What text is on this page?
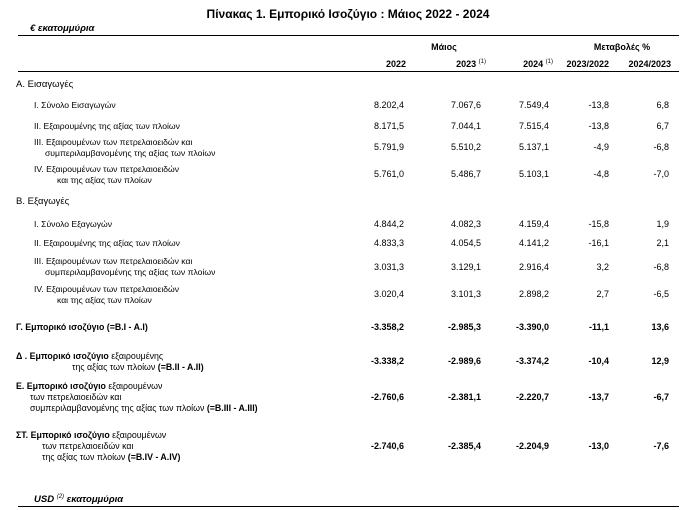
Πίνακας 1. Εμπορικό Ισοζύγιο : Μάιος 2022 - 2024
€ εκατομμύρια
Μάιος	Μεταβολές %
2022	2023 $^{(1)}$	2024 $^{(1)}$	2023/2022	2024/2023
Α. Εισαγωγές
I. Σύνολο Εισαγωγών	8.202,4	7.067,6	7.549,4	-13,8	6,8
II. Εξαιρουμένης της αξίας των πλοίων	8.171,5	7.044,1	7.515,4	-13,8	6,7
III. Εξαιρουμένων των πετρελαιοειδών και
συμπεριλαμβανομένης της αξίας των πλοίων
5.791,9	5.510,2	5.137,1	-4,9	-6,8
IV. Εξαιρουμένων των πετρελαιοειδών
και της αξίας των πλοίων
5.761,0	5.486,7	5.103,1	-4,8	-7,0
Β. Εξαγωγές
I. Σύνολο Εξαγωγών	4.844,2	4.082,3	4.159,4	-15,8	1,9
II. Εξαιρουμένης της αξίας των πλοίων	4.833,3	4.054,5	4.141,2	-16,1	2,1
III. Εξαιρουμένων των πετρελαιοειδών και
συμπεριλαμβανομένης της αξίας των πλοίων	3.031,3	3.129,1	2.916,4	3,2	-6,8
IV. Εξαιρουμένων των πετρελαιοειδών
και της αξίας των πλοίων
3.020,4	3.101,3	2.898,2	2,7	-6,5
Γ. Εμπορικό ισοζύγιο (=Β.Ι - Α.Ι)	-3.358,2	-2.985,3	-3.390,0	-11,1	13,6
Δ . Εμπορικό ισοζύγιο εξαιρουμένης
της αξίας των πλοίων (=Β.ΙΙ - Α.ΙΙ)
-3.338,2	-2.989,6	-3.374,2	-10,4	12,9
Ε. Εμπορικό ισοζύγιο εξαιρουμένων
των πετρελαιοειδών και
συμπεριλαμβανομένης της αξίας των πλοίων (=Β.ΙΙΙ - Α.ΙΙΙ)
-2.760,6	-2.381,1	-2.220,7	-13,7	-6,7
ΣΤ. Εμπορικό ισοζύγιο εξαιρουμένων
των πετρελαιοειδών και
της αξίας των πλοίων (=Β.ΙV - A.IV)
-2.740,6	-2.385,4	-2.204,9	-13,0	-7,6
USD $^{(2)}$ εκατομμύρια
